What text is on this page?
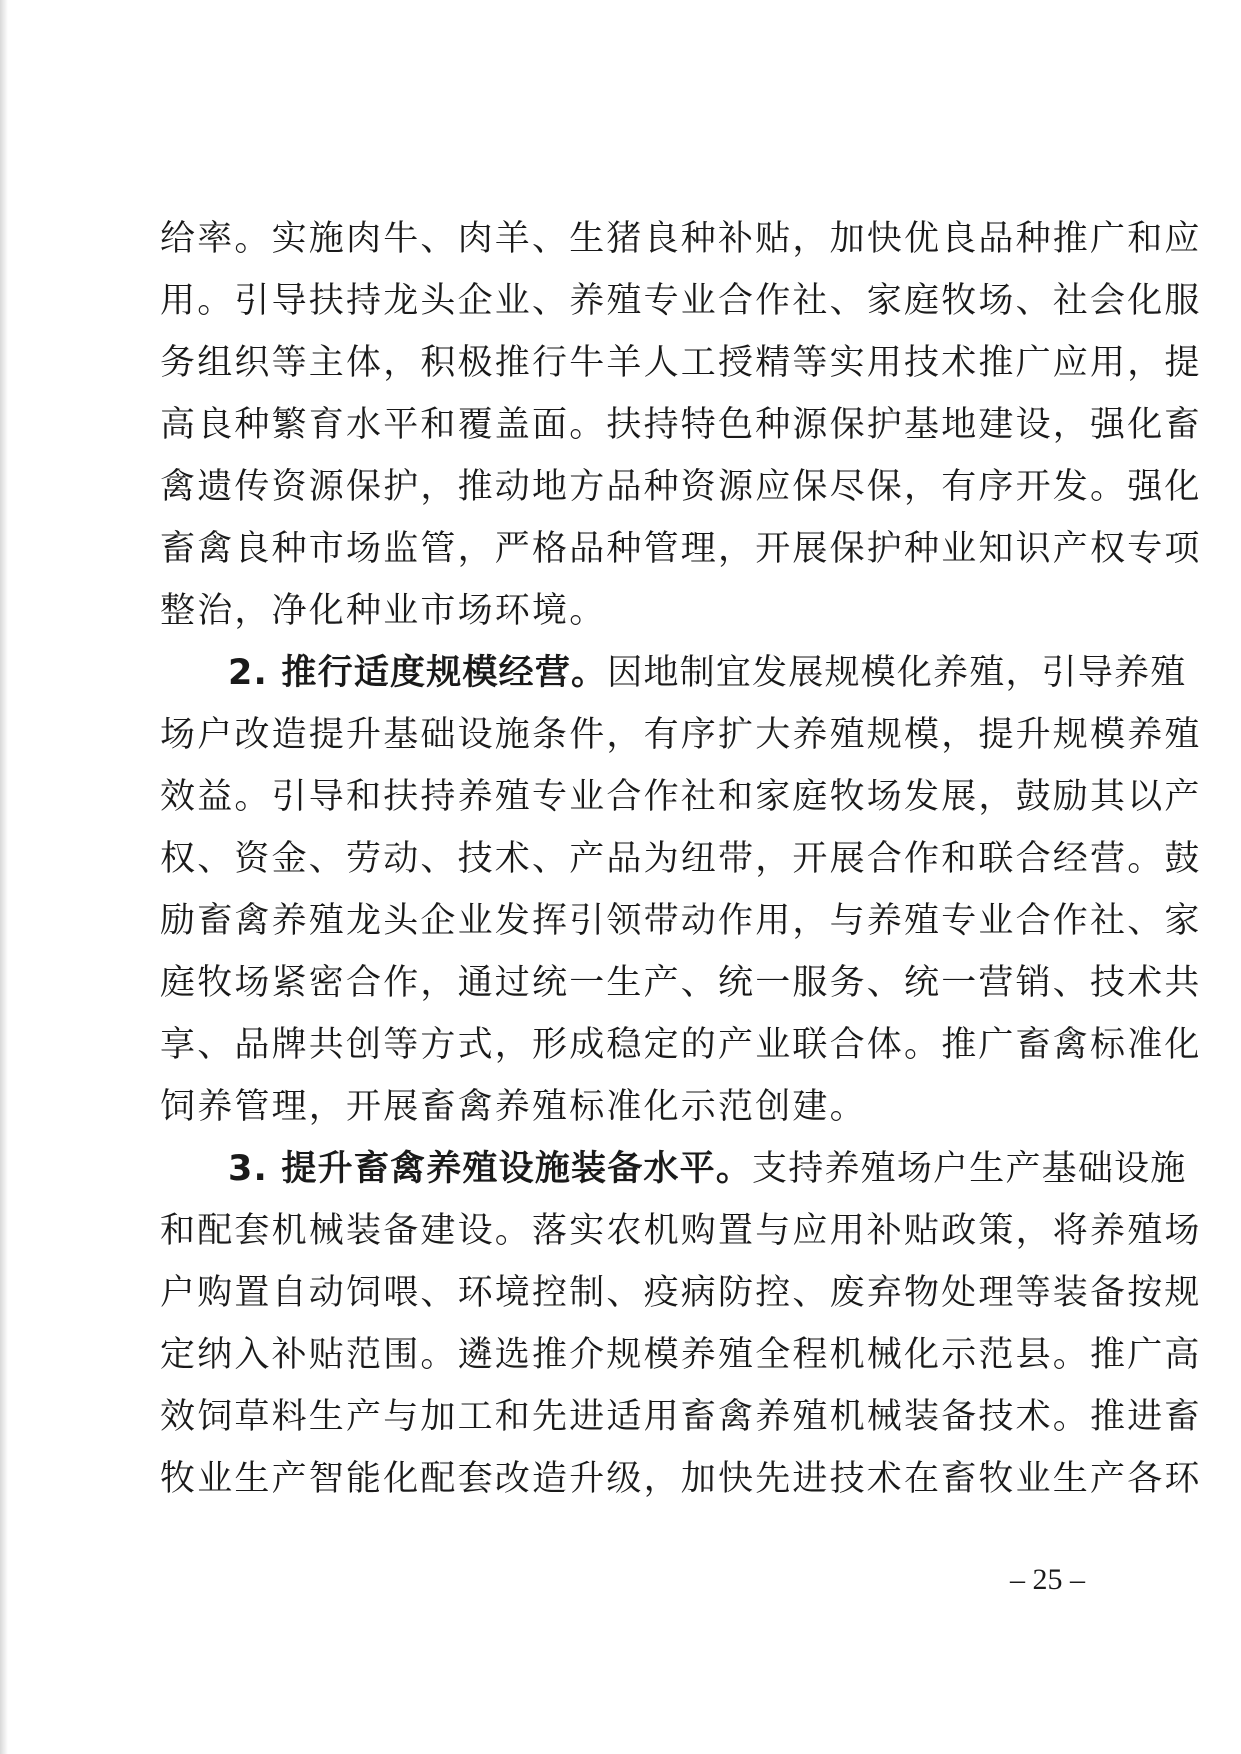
给率。实施肉牛、肉羊、生猪良种补贴，加快优良品种推广和应
用。引导扶持龙头企业、养殖专业合作社、家庭牧场、社会化服
务组织等主体，积极推行牛羊人工授精等实用技术推广应用，提
高良种繁育水平和覆盖面。扶持特色种源保护基地建设，强化畜
禽遗传资源保护，推动地方品种资源应保尽保，有序开发。强化
畜禽良种市场监管，严格品种管理，开展保护种业知识产权专项
整治，净化种业市场环境。
2. 推行适度规模经营。因地制宜发展规模化养殖，引导养殖
场户改造提升基础设施条件，有序扩大养殖规模，提升规模养殖
效益。引导和扶持养殖专业合作社和家庭牧场发展，鼓励其以产
权、资金、劳动、技术、产品为纽带，开展合作和联合经营。鼓
励畜禽养殖龙头企业发挥引领带动作用，与养殖专业合作社、家
庭牧场紧密合作，通过统一生产、统一服务、统一营销、技术共
享、品牌共创等方式，形成稳定的产业联合体。推广畜禽标准化
饲养管理，开展畜禽养殖标准化示范创建。
3. 提升畜禽养殖设施装备水平。支持养殖场户生产基础设施
和配套机械装备建设。落实农机购置与应用补贴政策，将养殖场
户购置自动饲喂、环境控制、疫病防控、废弃物处理等装备按规
定纳入补贴范围。遴选推介规模养殖全程机械化示范县。推广高
效饲草料生产与加工和先进适用畜禽养殖机械装备技术。推进畜
牧业生产智能化配套改造升级，加快先进技术在畜牧业生产各环
– 25 –
